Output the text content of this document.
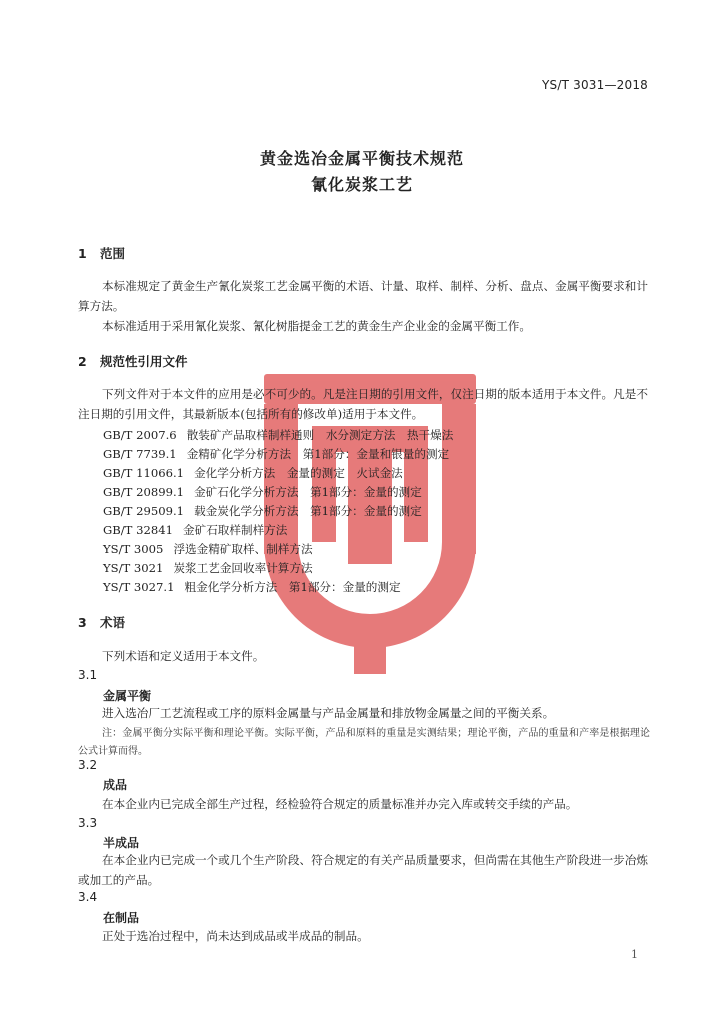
YS/T 3031—2018
黄金选冶金属平衡技术规范
氰化炭浆工艺
1 范围
本标准规定了黄金生产氰化炭浆工艺金属平衡的术语、计量、取样、制样、分析、盘点、金属平衡要求和计算方法。
本标准适用于采用氰化炭浆、氰化树脂提金工艺的黄金生产企业金的金属平衡工作。
2 规范性引用文件
下列文件对于本文件的应用是必不可少的。凡是注日期的引用文件，仅注日期的版本适用于本文件。凡是不注日期的引用文件，其最新版本(包括所有的修改单)适用于本文件。
GB/T 2007.6 散装矿产品取样制样通则　水分测定方法　热干燥法
GB/T 7739.1 金精矿化学分析方法　第1部分：金量和银量的测定
GB/T 11066.1 金化学分析方法　金量的测定　火试金法
GB/T 20899.1 金矿石化学分析方法　第1部分：金量的测定
GB/T 29509.1 载金炭化学分析方法　第1部分：金量的测定
GB/T 32841 金矿石取样制样方法
YS/T 3005 浮选金精矿取样、制样方法
YS/T 3021 炭浆工艺金回收率计算方法
YS/T 3027.1 粗金化学分析方法　第1部分：金量的测定
3 术语
下列术语和定义适用于本文件。
3.1
金属平衡
进入选冶厂工艺流程或工序的原料金属量与产品金属量和排放物金属量之间的平衡关系。
注：金属平衡分实际平衡和理论平衡。实际平衡，产品和原料的重量是实测结果；理论平衡，产品的重量和产率是根据理论公式计算而得。
3.2
成品
在本企业内已完成全部生产过程，经检验符合规定的质量标准并办完入库或转交手续的产品。
3.3
半成品
在本企业内已完成一个或几个生产阶段、符合规定的有关产品质量要求，但尚需在其他生产阶段进一步冶炼或加工的产品。
3.4
在制品
正处于选冶过程中，尚未达到成品或半成品的制品。
1
